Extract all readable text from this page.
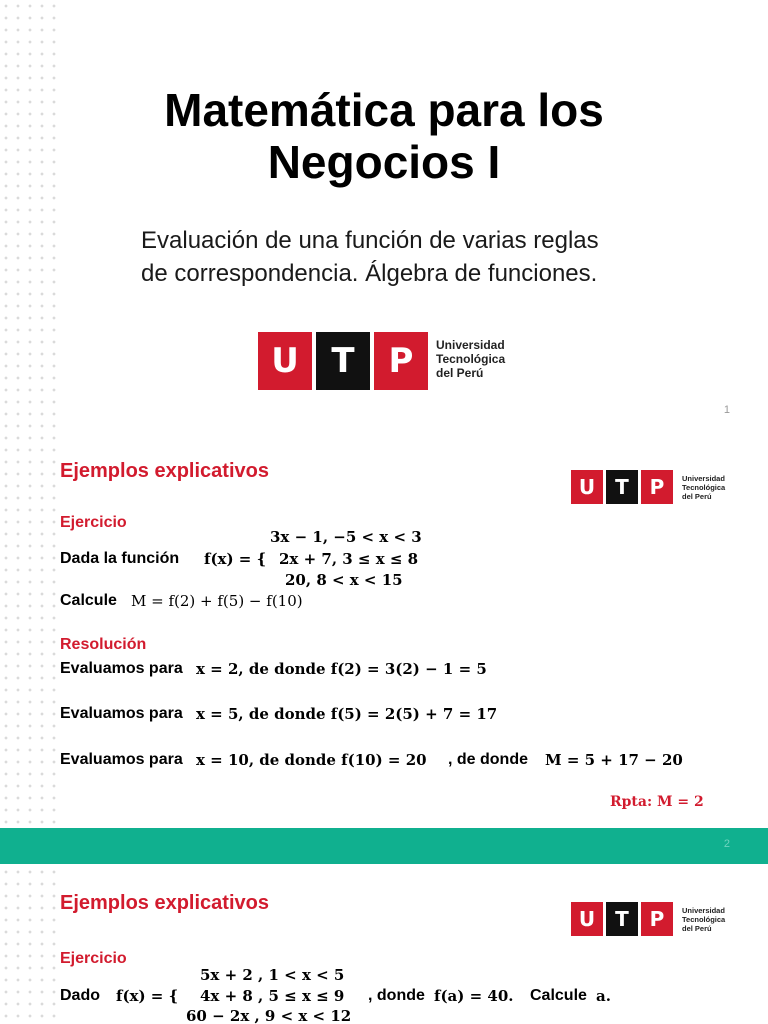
Matemática para los
Negocios I
Evaluación de una función de varias reglas
de correspondencia. Álgebra de funciones.
U T P	Universidad
Tecnológica
del Perú
1
Ejemplos explicativos
U	T	P	Universidad
Tecnológica
del Perú
Ejercicio
3x − 1, −5 < x < 3
Dada la función f(x) = { 2x + 7, 3 ≤ x ≤ 8
20, 8 < x < 15
Calcule M = f(2) + f(5) − f(10)
Resolución
Evaluamos para x = 2, de donde f(2) = 3(2) − 1 = 5
Evaluamos para x = 5, de donde f(5) = 2(5) + 7 = 17
Evaluamos para x = 10, de donde f(10) = 20 , de donde M = 5 + 17 − 20
Rpta: M = 2
2
Ejemplos explicativos
U	T	P	Universidad
Tecnológica
del Perú
Ejercicio
5x + 2 , 1 < x < 5
Dado f(x) = { 4x + 8 , 5 ≤ x ≤ 9 , donde f(a) = 40. Calcule a.
60 − 2x , 9 < x < 12
